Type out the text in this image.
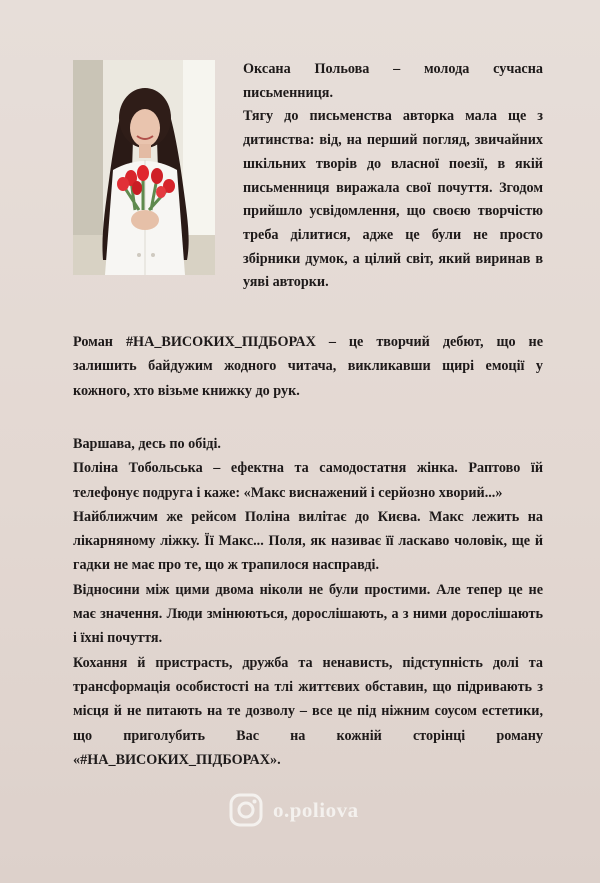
Оксана Польова – молода сучасна письменниця.

Тягу до письменства авторка мала ще з дитинства: від, на перший погляд, звичайних шкільних творів до власної поезії, в якій письменниця виражала свої почуття. Згодом прийшло усвідомлення, що своєю творчістю треба ділитися, адже це були не просто збірники думок, а цілий світ, який виринав в уяві авторки.

Роман #НА_ВИСОКИХ_ПІДБОРАХ – це творчий дебют, що не залишить байдужим жодного читача, викликавши щирі емоції у кожного, хто візьме книжку до рук.

Варшава, десь по обіді.

Поліна Тобольська – ефектна та самодостатня жінка. Раптово їй телефонує подруга і каже: «Макс виснажений і серйозно хворий...»

Найближчим же рейсом Поліна вилітає до Києва. Макс лежить на лікарняному ліжку. Її Макс... Поля, як називає її ласкаво чоловік, ще й гадки не має про те, що ж трапилося насправді.

Відносини між цими двома ніколи не були простими. Але тепер це не має значення. Люди змінюються, дорослішають, а з ними дорослішають і їхні почуття.

Кохання й пристрасть, дружба та ненависть, підступність долі та трансформація особистості на тлі життєвих обставин, що підривають з місця й не питають на те дозволу – все це під ніжним соусом естетики, що приголубить Вас на кожній сторінці роману «#НА_ВИСОКИХ_ПІДБОРАХ».

o.poliova
